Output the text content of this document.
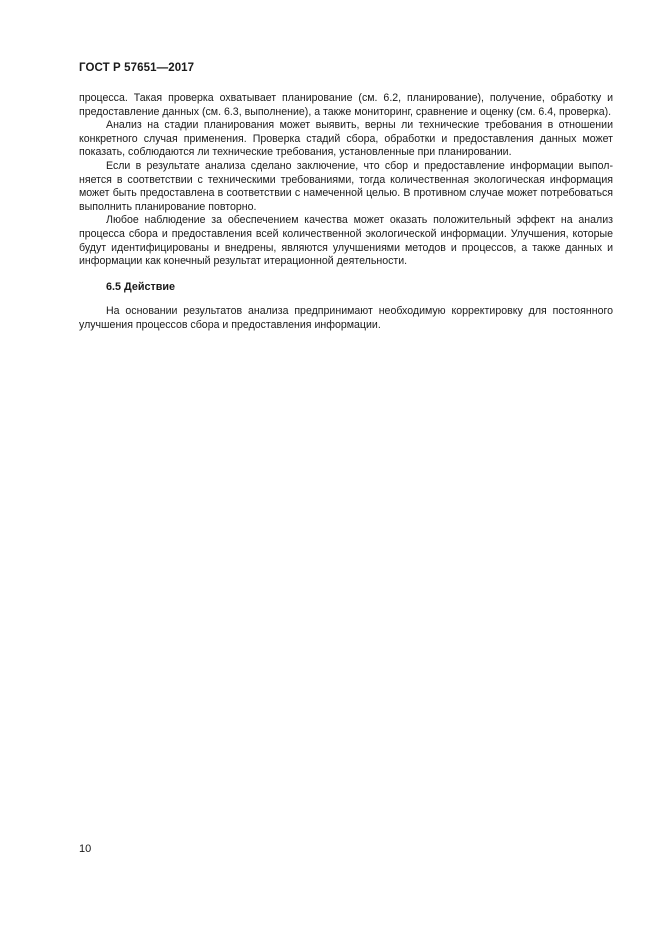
ГОСТ Р 57651—2017

процесса. Такая проверка охватывает планирование (см. 6.2, планирование), получение, обработку и предоставление данных (см. 6.3, выполнение), а также мониторинг, сравнение и оценку (см. 6.4, проверка).

Анализ на стадии планирования может выявить, верны ли технические требования в отношении конкретного случая применения. Проверка стадий сбора, обработки и предоставления данных может показать, соблюдаются ли технические требования, установленные при планировании.

Если в результате анализа сделано заключение, что сбор и предоставление информации выполняется в соответствии с техническими требованиями, тогда количественная экологическая информация может быть предоставлена в соответствии с намеченной целью. В противном случае может потребоваться выполнить планирование повторно.

Любое наблюдение за обеспечением качества может оказать положительный эффект на анализ процесса сбора и предоставления всей количественной экологической информации. Улучшения, которые будут идентифицированы и внедрены, являются улучшениями методов и процессов, а также данных и информации как конечный результат итерационной деятельности.

6.5 Действие

На основании результатов анализа предпринимают необходимую корректировку для постоянного улучшения процессов сбора и предоставления информации.

10
